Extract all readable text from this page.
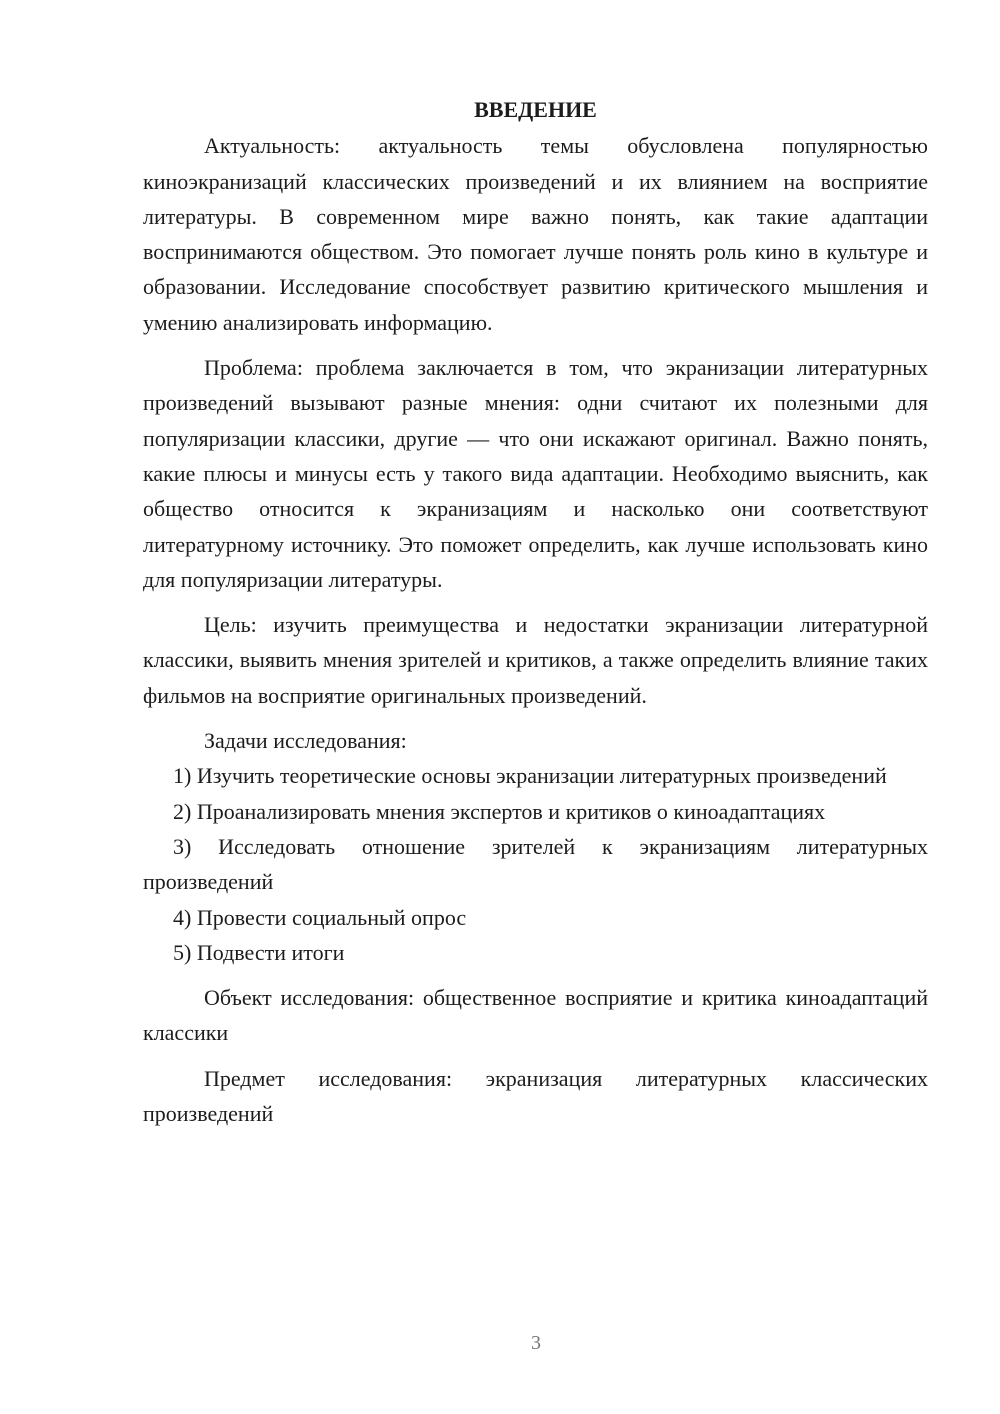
ВВЕДЕНИЕ

Актуальность: актуальность темы обусловлена популярностью киноэкранизаций классических произведений и их влиянием на восприятие литературы. В современном мире важно понять, как такие адаптации воспринимаются обществом. Это помогает лучше понять роль кино в культуре и образовании. Исследование способствует развитию критического мышления и умению анализировать информацию.

Проблема: проблема заключается в том, что экранизации литературных произведений вызывают разные мнения: одни считают их полезными для популяризации классики, другие — что они искажают оригинал. Важно понять, какие плюсы и минусы есть у такого вида адаптации. Необходимо выяснить, как общество относится к экранизациям и насколько они соответствуют литературному источнику. Это поможет определить, как лучше использовать кино для популяризации литературы.

Цель: изучить преимущества и недостатки экранизации литературной классики, выявить мнения зрителей и критиков, а также определить влияние таких фильмов на восприятие оригинальных произведений.

Задачи исследования:

1) Изучить теоретические основы экранизации литературных произведений

2) Проанализировать мнения экспертов и критиков о киноадаптациях

3) Исследовать отношение зрителей к экранизациям литературных произведений

4) Провести социальный опрос

5) Подвести итоги

Объект исследования: общественное восприятие и критика киноадаптаций классики

Предмет исследования: экранизация литературных классических произведений

3
